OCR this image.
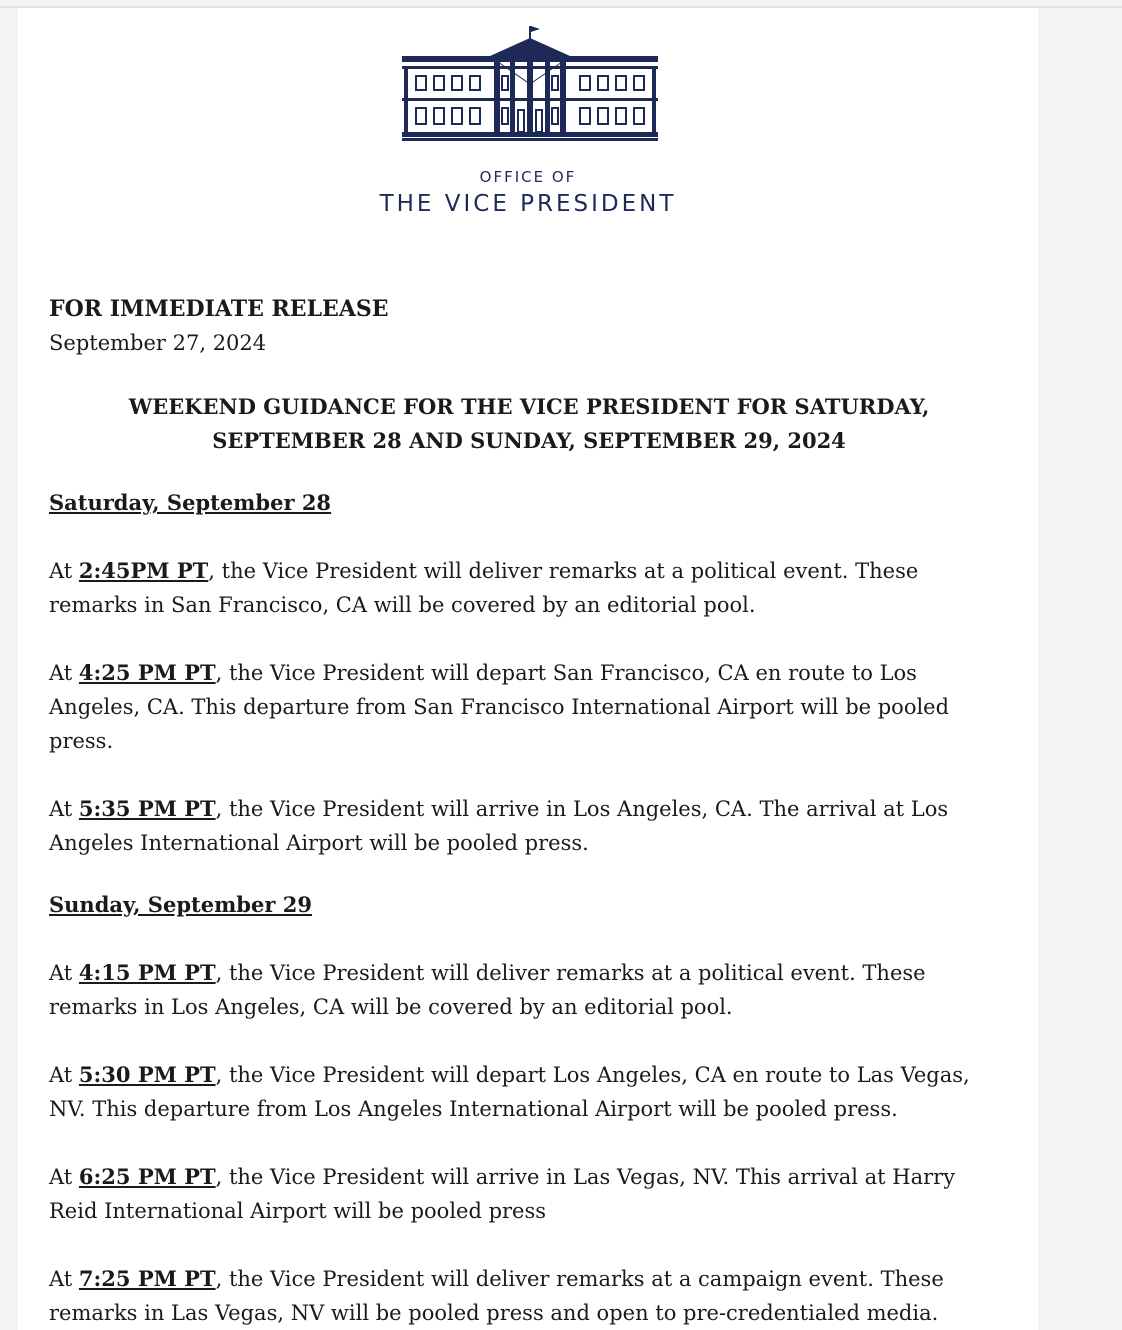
OFFICE OF
THE VICE PRESIDENT

FOR IMMEDIATE RELEASE

September 27, 2024

WEEKEND GUIDANCE FOR THE VICE PRESIDENT FOR SATURDAY,
SEPTEMBER 28 AND SUNDAY, SEPTEMBER 29, 2024
Saturday, September 28

At 2:45PM PT, the Vice President will deliver remarks at a political event. These remarks in San Francisco, CA will be covered by an editorial pool.

At 4:25 PM PT, the Vice President will depart San Francisco, CA en route to Los Angeles, CA. This departure from San Francisco International Airport will be pooled press.

At 5:35 PM PT, the Vice President will arrive in Los Angeles, CA. The arrival at Los Angeles International Airport will be pooled press.

Sunday, September 29

At 4:15 PM PT, the Vice President will deliver remarks at a political event. These remarks in Los Angeles, CA will be covered by an editorial pool.

At 5:30 PM PT, the Vice President will depart Los Angeles, CA en route to Las Vegas, NV. This departure from Los Angeles International Airport will be pooled press.

At 6:25 PM PT, the Vice President will arrive in Las Vegas, NV. This arrival at Harry Reid International Airport will be pooled press

At 7:25 PM PT, the Vice President will deliver remarks at a campaign event. These remarks in Las Vegas, NV will be pooled press and open to pre-credentialed media.
